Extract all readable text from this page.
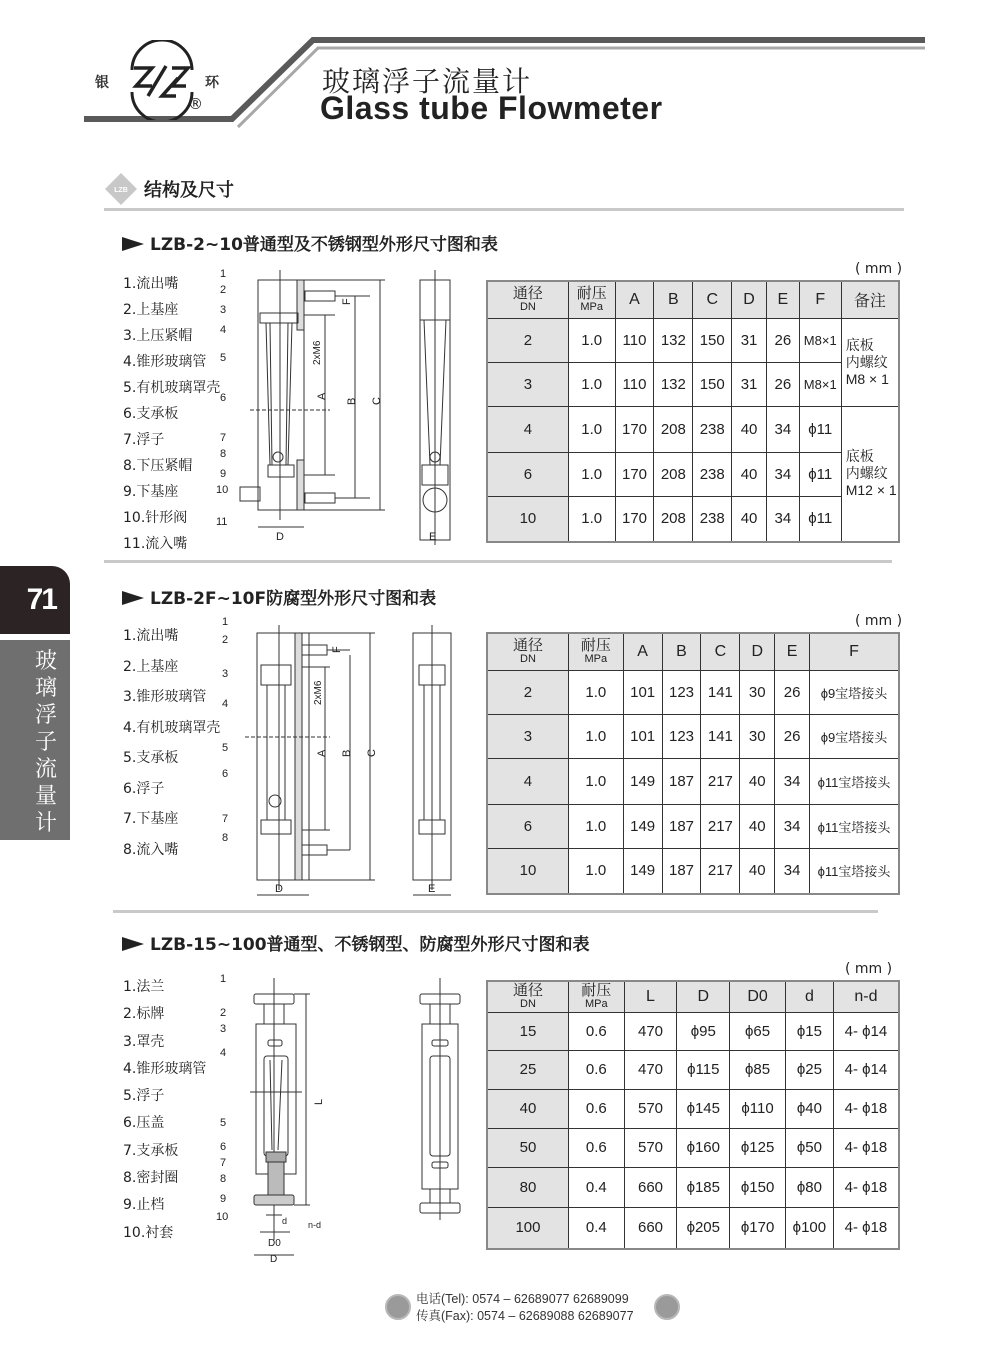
银	环
®
玻璃浮子流量计
Glass tube Flowmeter
LZB 结构及尺寸
71
玻
璃
浮
子
流
量
计
LZB-2~10普通型及不锈钢型外形尺寸图和表
1.流出嘴
2.上基座
3.上压紧帽
4.锥形玻璃管
5.有机玻璃罩壳
6.支承板
7.浮子
8.下压紧帽
9.下基座
10.针形阀
11.流入嘴
1
2
3
4
5
6
7
8
9
10
11
A
B C
D	E
F
2xM6
( mm )
通径
DN	耐压
MPa	A	B	C	D	E	F	备注
2	1.0	110	132	150	31	26	M8×1	底板
内螺纹
M8 × 1

3	1.0	110	132	150	31	26	M8×1	
4	1.0	170	208	238	40	34	ϕ11	底板
内螺纹
M12 × 1

6	1.0	170	208	238	40	34	ϕ11	
10	1.0	170	208	238	40	34	ϕ11	
LZB-2F~10F防腐型外形尺寸图和表
1.流出嘴
2.上基座
3.锥形玻璃管
4.有机玻璃罩壳
5.支承板
6.浮子
7.下基座
8.流入嘴
1
2
3
4
5
6
7
8
A B C
D	E
F
2xM6
( mm )
通径
DN	耐压
MPa	A	B	C	D	E	F
2	1.0	101	123	141	30	26	ϕ9宝塔接头
3	1.0	101	123	141	30	26	ϕ9宝塔接头
4	1.0	149	187	217	40	34	ϕ11宝塔接头
6	1.0	149	187	217	40	34	ϕ11宝塔接头
10	1.0	149	187	217	40	34	ϕ11宝塔接头
LZB-15~100普通型、不锈钢型、防腐型外形尺寸图和表
1.法兰
2.标牌
3.罩壳
4.锥形玻璃管
5.浮子
6.压盖
7.支承板
8.密封圈
9.止档
10.衬套
1
2
3
4
5
6
7
8
9
10
L
d n-d
D0
D
( mm )
通径
DN	耐压
MPa	L	D	D0	d	n-d
15	0.6	470	ϕ95	ϕ65	ϕ15	4- ϕ14
25	0.6	470	ϕ115	ϕ85	ϕ25	4- ϕ14
40	0.6	570	ϕ145	ϕ110	ϕ40	4- ϕ18
50	0.6	570	ϕ160	ϕ125	ϕ50	4- ϕ18
80	0.4	660	ϕ185	ϕ150	ϕ80	4- ϕ18
100	0.4	660	ϕ205	ϕ170	ϕ100	4- ϕ18
电话(Tel): 0574 – 62689077 62689099
传真(Fax): 0574 – 62689088 62689077
